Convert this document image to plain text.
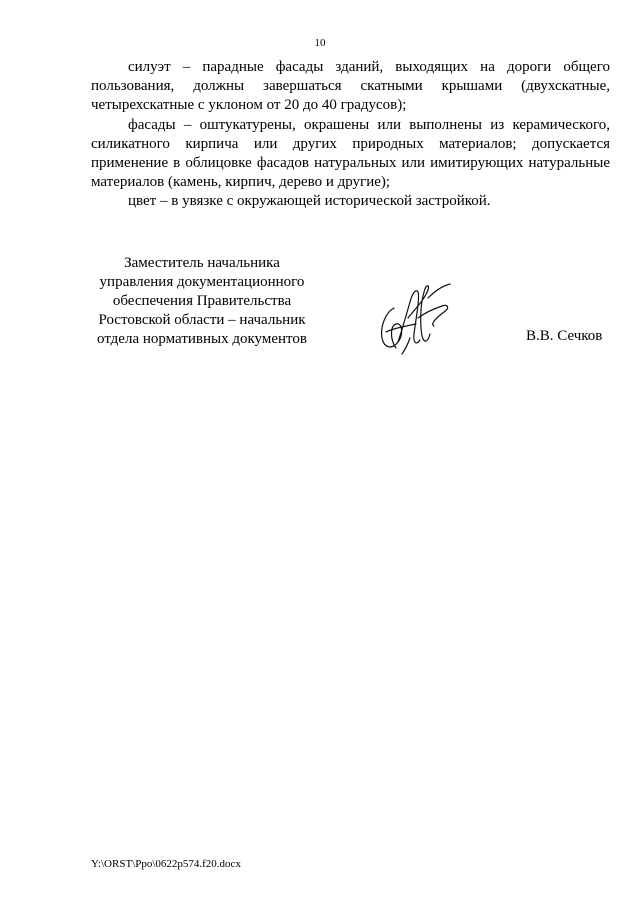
10

силуэт – парадные фасады зданий, выходящих на дороги общего пользования, должны завершаться скатными крышами (двухскатные, четырехскатные с уклоном от 20 до 40 градусов);

фасады – оштукатурены, окрашены или выполнены из керамического, силикатного кирпича или других природных материалов; допускается применение в облицовке фасадов натуральных или имитирующих натуральные материалов (камень, кирпич, дерево и другие);

цвет – в увязке с окружающей исторической застройкой.

Заместитель начальника
управления документационного
обеспечения Правительства
Ростовской области – начальник
отдела нормативных документов	В.В. Сечков
Y:\ORST\Ppo\0622p574.f20.docx
